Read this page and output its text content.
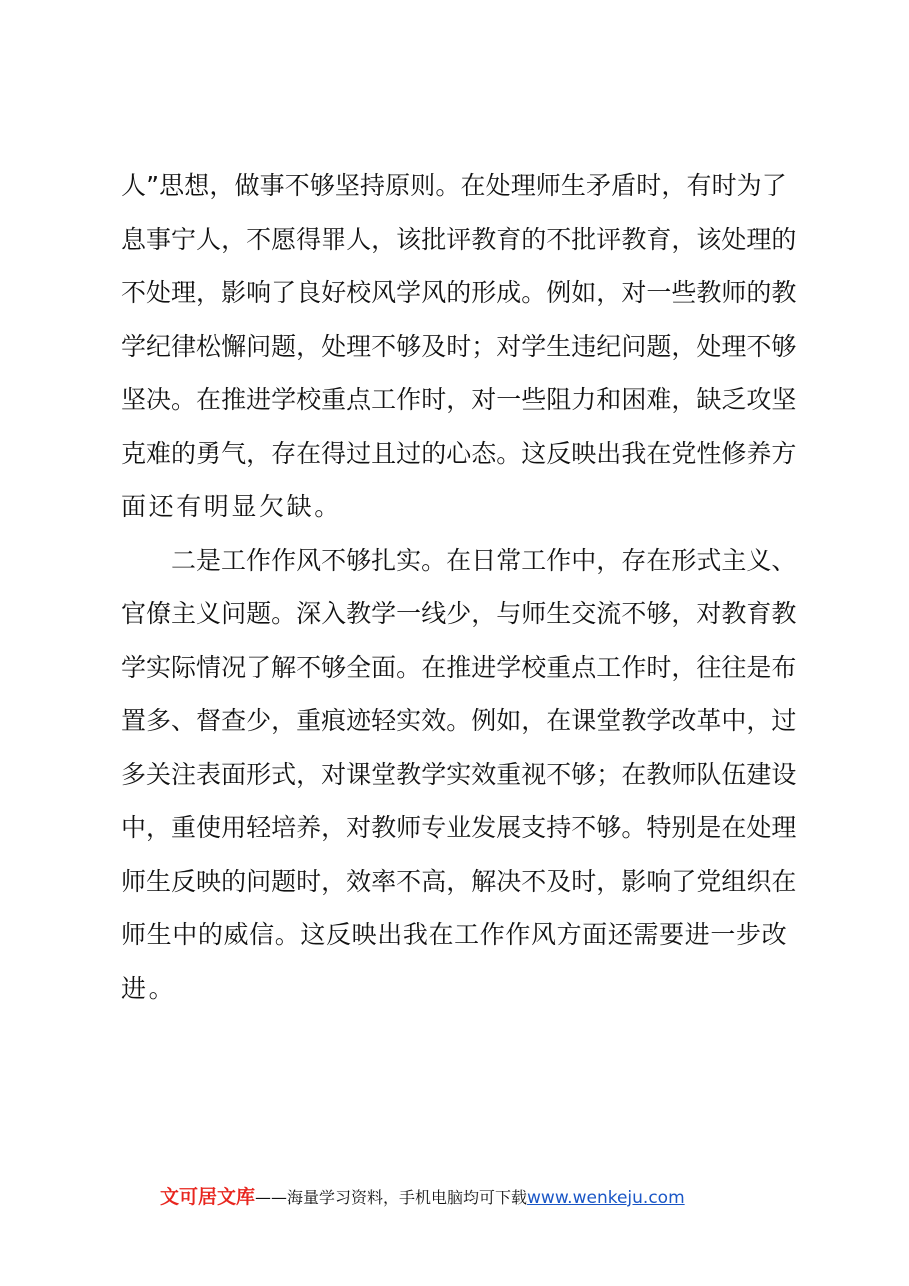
人 ” 思 想 ， 做 事 不 够 坚 持 原 则 。 在 处 理 师 生 矛 盾 时 ， 有 时 为 了
息 事 宁 人 ， 不 愿 得 罪 人 ， 该 批 评 教 育 的 不 批 评 教 育 ， 该 处 理 的
不 处 理 ， 影 响 了 良 好 校 风 学 风 的 形 成 。 例 如 ， 对 一 些 教 师 的 教
学 纪 律 松 懈 问 题 ， 处 理 不 够 及 时 ； 对 学 生 违 纪 问 题 ， 处 理 不 够
坚 决 。 在 推 进 学 校 重 点 工 作 时 ， 对 一 些 阻 力 和 困 难 ， 缺 乏 攻 坚
克 难 的 勇 气 ， 存 在 得 过 且 过 的 心 态 。 这 反 映 出 我 在 党 性 修 养 方
面还有明显欠缺。
二 是 工 作 作 风 不 够 扎 实 。 在 日 常 工 作 中 ， 存 在 形 式 主 义 、
官 僚 主 义 问 题 。 深 入 教 学 一 线 少 ， 与 师 生 交 流 不 够 ， 对 教 育 教
学 实 际 情 况 了 解 不 够 全 面 。 在 推 进 学 校 重 点 工 作 时 ， 往 往 是 布
置 多 、 督 查 少 ， 重 痕 迹 轻 实 效 。 例 如 ， 在 课 堂 教 学 改 革 中 ， 过
多 关 注 表 面 形 式 ， 对 课 堂 教 学 实 效 重 视 不 够 ； 在 教 师 队 伍 建 设
中 ， 重 使 用 轻 培 养 ， 对 教 师 专 业 发 展 支 持 不 够 。 特 别 是 在 处 理
师 生 反 映 的 问 题 时 ， 效 率 不 高 ， 解 决 不 及 时 ， 影 响 了 党 组 织 在
师 生 中 的 威 信 。 这 反 映 出 我 在 工 作 作 风 方 面 还 需 要 进 一 步 改
进。
文可居文库——海量学习资料，手机电脑均可下载www.wenkeju.com
